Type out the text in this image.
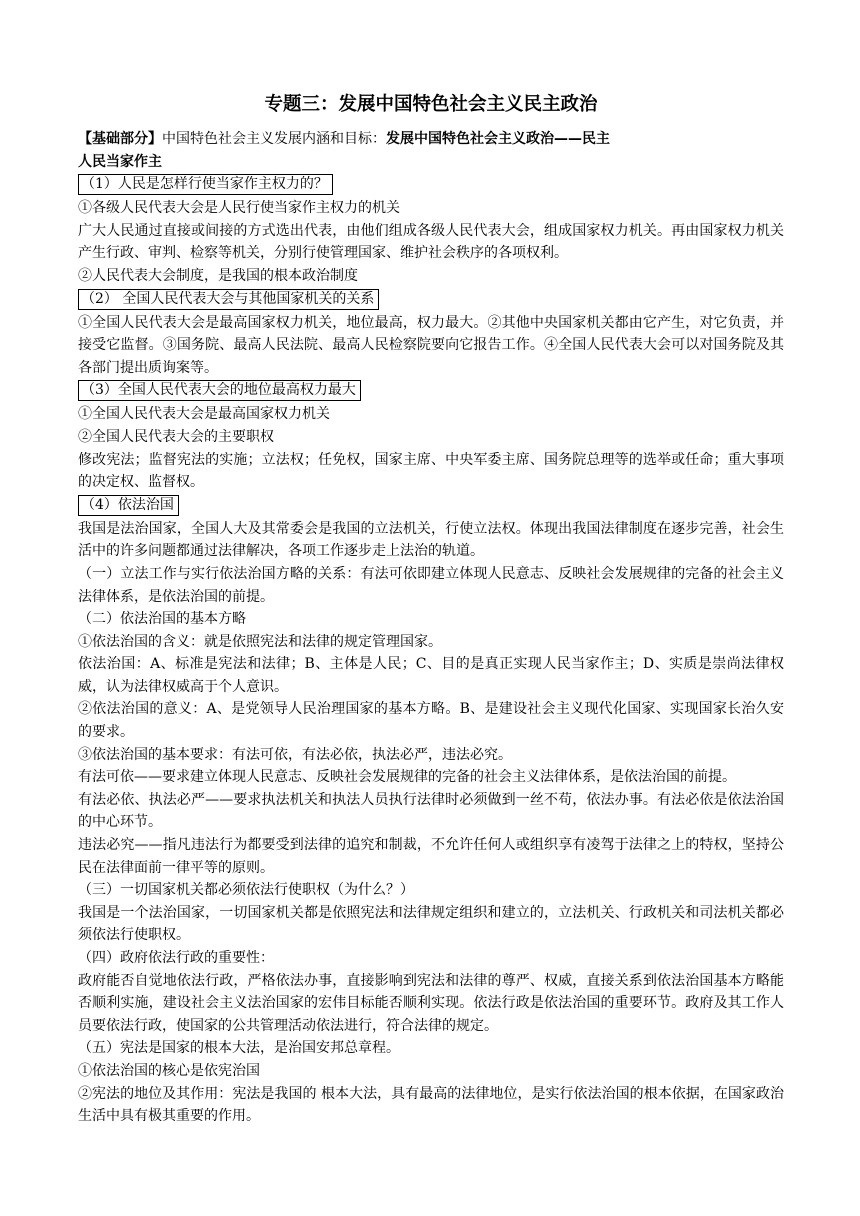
专题三：发展中国特色社会主义民主政治

【基础部分】中国特色社会主义发展内涵和目标：发展中国特色社会主义政治——民主

人民当家作主

（1）人民是怎样行使当家作主权力的？

①各级人民代表大会是人民行使当家作主权力的机关

广大人民通过直接或间接的方式选出代表，由他们组成各级人民代表大会，组成国家权力机关。再由国家权力机关产生行政、审判、检察等机关，分别行使管理国家、维护社会秩序的各项权利。

②人民代表大会制度，是我国的根本政治制度

（2） 全国人民代表大会与其他国家机关的关系

①全国人民代表大会是最高国家权力机关，地位最高，权力最大。②其他中央国家机关都由它产生，对它负责，并接受它监督。③国务院、最高人民法院、最高人民检察院要向它报告工作。④全国人民代表大会可以对国务院及其各部门提出质询案等。

（3）全国人民代表大会的地位最高权力最大

①全国人民代表大会是最高国家权力机关

②全国人民代表大会的主要职权

修改宪法；监督宪法的实施；立法权；任免权，国家主席、中央军委主席、国务院总理等的选举或任命；重大事项的决定权、监督权。

（4）依法治国

我国是法治国家，全国人大及其常委会是我国的立法机关，行使立法权。体现出我国法律制度在逐步完善，社会生活中的许多问题都通过法律解决，各项工作逐步走上法治的轨道。

（一）立法工作与实行依法治国方略的关系：有法可依即建立体现人民意志、反映社会发展规律的完备的社会主义法律体系，是依法治国的前提。

（二）依法治国的基本方略

①依法治国的含义：就是依照宪法和法律的规定管理国家。

依法治国：A、标准是宪法和法律；B、主体是人民；C、目的是真正实现人民当家作主；D、实质是崇尚法律权威，认为法律权威高于个人意识。

②依法治国的意义：A、是党领导人民治理国家的基本方略。B、是建设社会主义现代化国家、实现国家长治久安的要求。

③依法治国的基本要求：有法可依，有法必依，执法必严，违法必究。

有法可依——要求建立体现人民意志、反映社会发展规律的完备的社会主义法律体系，是依法治国的前提。

有法必依、执法必严——要求执法机关和执法人员执行法律时必须做到一丝不苟，依法办事。有法必依是依法治国的中心环节。

违法必究——指凡违法行为都要受到法律的追究和制裁，不允许任何人或组织享有凌驾于法律之上的特权，坚持公民在法律面前一律平等的原则。

（三）一切国家机关都必须依法行使职权（为什么？）

我国是一个法治国家，一切国家机关都是依照宪法和法律规定组织和建立的，立法机关、行政机关和司法机关都必须依法行使职权。

（四）政府依法行政的重要性：

政府能否自觉地依法行政，严格依法办事，直接影响到宪法和法律的尊严、权威，直接关系到依法治国基本方略能否顺利实施，建设社会主义法治国家的宏伟目标能否顺利实现。依法行政是依法治国的重要环节。政府及其工作人员要依法行政，使国家的公共管理活动依法进行，符合法律的规定。

（五）宪法是国家的根本大法，是治国安邦总章程。

①依法治国的核心是依宪治国

②宪法的地位及其作用：宪法是我国的 根本大法，具有最高的法律地位，是实行依法治国的根本依据，在国家政治生活中具有极其重要的作用。
